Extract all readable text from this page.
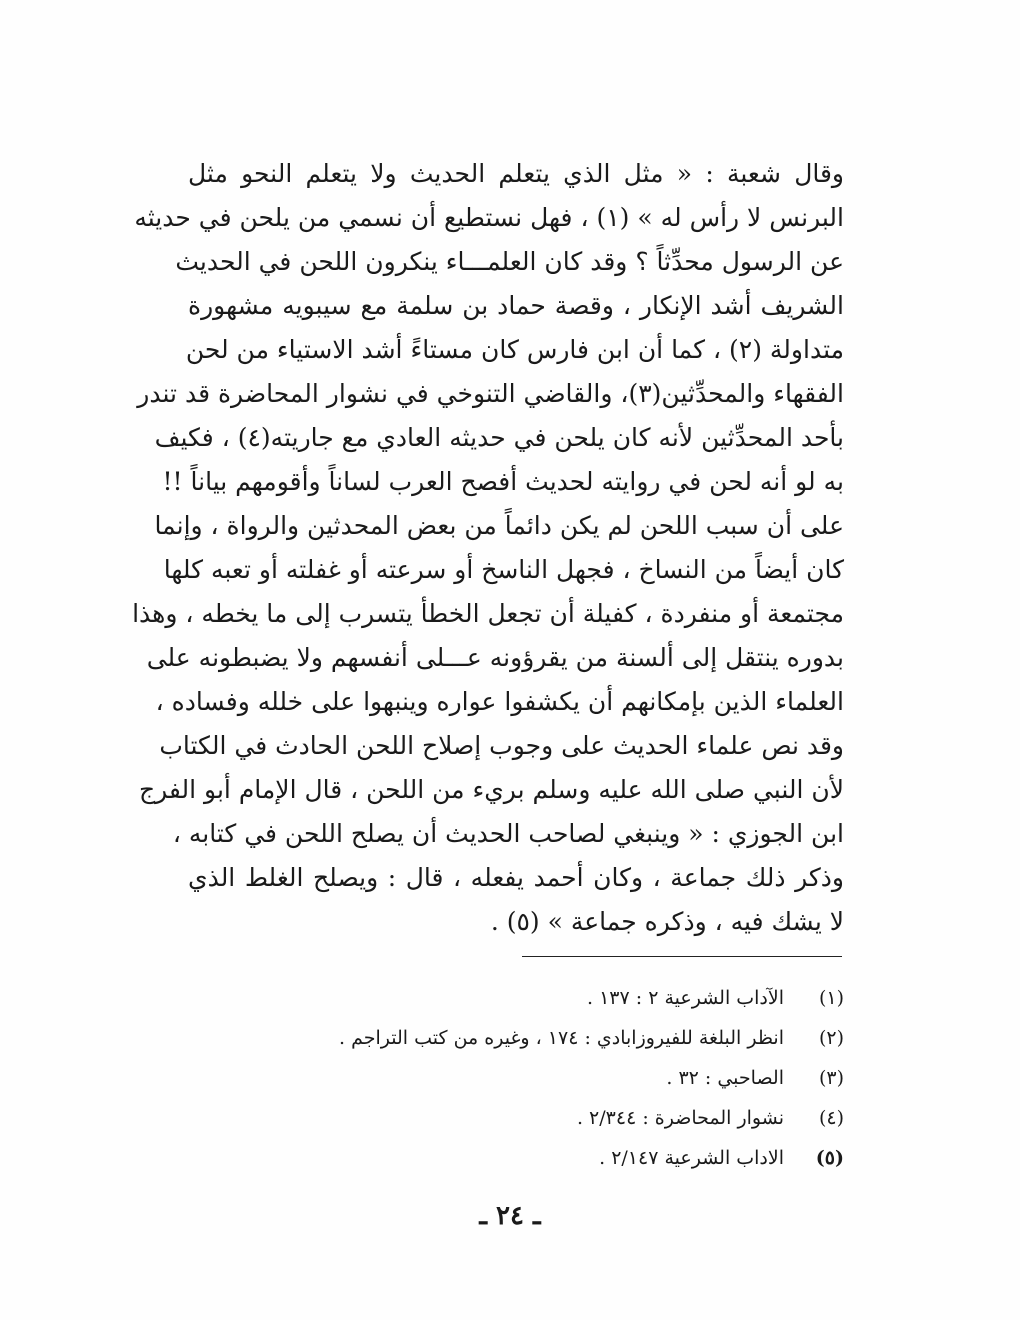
وقال شعبة : « مثل الذي يتعلم الحديث ولا يتعلم النحو مثل
البرنس لا رأس له » (١) ، فهل نستطيع أن نسمي من يلحن في حديثه
عن الرسول محدِّثاً ؟ وقد كان العلمـــاء ينكرون اللحن في الحديث
الشريف أشد الإنكار ، وقصة حماد بن سلمة مع سيبويه مشهورة
متداولة (٢) ، كما أن ابن فارس كان مستاءً أشد الاستياء من لحن
الفقهاء والمحدِّثين(٣)، والقاضي التنوخي في نشوار المحاضرة قد تندر
بأحد المحدِّثين لأنه كان يلحن في حديثه العادي مع جاريته(٤) ، فكيف
به لو أنه لحن في روايته لحديث أفصح العرب لساناً وأقومهم بياناً !!
على أن سبب اللحن لم يكن دائماً من بعض المحدثين والرواة ، وإنما
كان أيضاً من النساخ ، فجهل الناسخ أو سرعته أو غفلته أو تعبه كلها
مجتمعة أو منفردة ، كفيلة أن تجعل الخطأ يتسرب إلى ما يخطه ، وهذا
بدوره ينتقل إلى ألسنة من يقرؤونه عـــلى أنفسهم ولا يضبطونه على
العلماء الذين بإمكانهم أن يكشفوا عواره وينبهوا على خلله وفساده ،
وقد نص علماء الحديث على وجوب إصلاح اللحن الحادث في الكتاب
لأن النبي صلى الله عليه وسلم بريء من اللحن ، قال الإمام أبو الفرج
ابن الجوزي : « وينبغي لصاحب الحديث أن يصلح اللحن في كتابه ،
وذكر ذلك جماعة ، وكان أحمد يفعله ، قال : ويصلح الغلط الذي
لا يشك فيه ، وذكره جماعة » (٥) .
(١)
الآداب الشرعية ٢ : ١٣٧ .
(٢)
انظر البلغة للفيروزابادي : ١٧٤ ، وغيره من كتب التراجم .
(٣)
الصاحبي : ٣٢ .
(٤)
نشوار المحاضرة : ٢/٣٤٤ .
(٥)
الاداب الشرعية ٢/١٤٧ .
ـ ٢٤ ـ
